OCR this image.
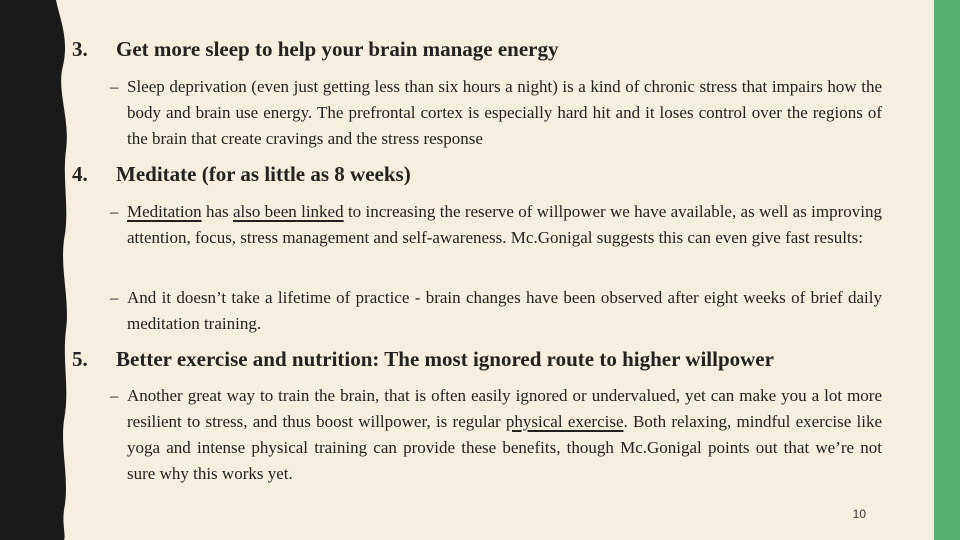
3. Get more sleep to help your brain manage energy
– Sleep deprivation (even just getting less than six hours a night) is a kind of chronic stress that impairs how the body and brain use energy. The prefrontal cortex is especially hard hit and it loses control over the regions of the brain that create cravings and the stress response
4. Meditate (for as little as 8 weeks)
– Meditation has also been linked to increasing the reserve of willpower we have available, as well as improving attention, focus, stress management and self-awareness. Mc.Gonigal suggests this can even give fast results:
– And it doesn’t take a lifetime of practice - brain changes have been observed after eight weeks of brief daily meditation training.
5. Better exercise and nutrition: The most ignored route to higher willpower
– Another great way to train the brain, that is often easily ignored or undervalued, yet can make you a lot more resilient to stress, and thus boost willpower, is regular physical exercise. Both relaxing, mindful exercise like yoga and intense physical training can provide these benefits, though Mc.Gonigal points out that we’re not sure why this works yet.
10
